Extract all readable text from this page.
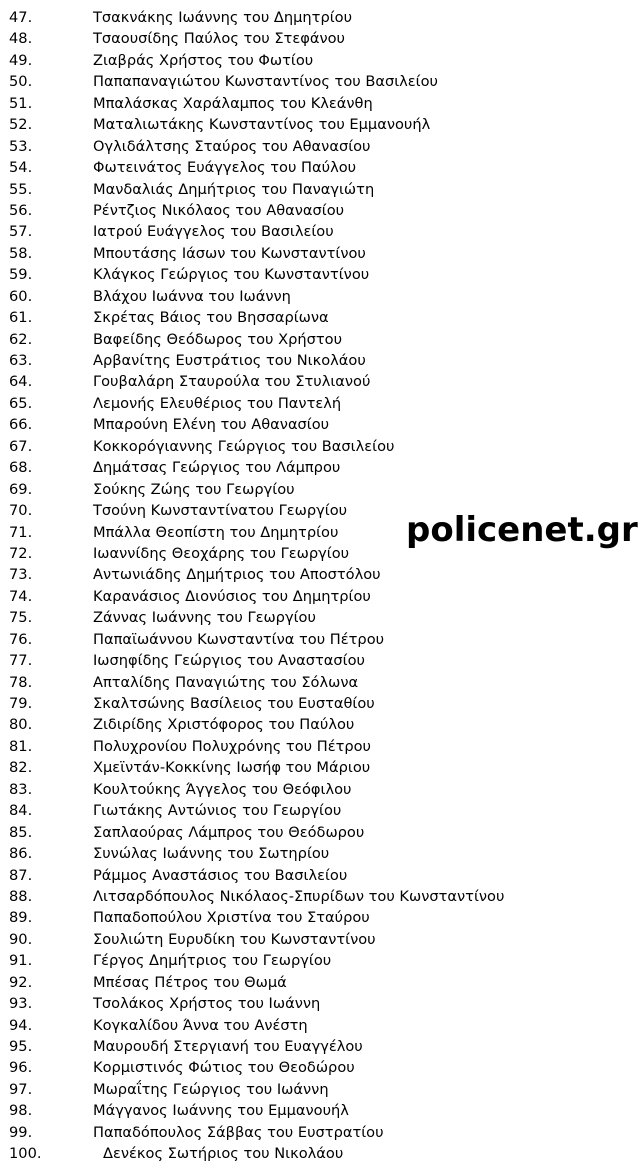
47.	Τσακνάκης Ιωάννης του Δημητρίου
48.	Τσαουσίδης Παύλος του Στεφάνου
49.	Ζιαβράς Χρήστος του Φωτίου
50.	Παπαπαναγιώτου Κωνσταντίνος του Βασιλείου
51.	Μπαλάσκας Χαράλαμπος του Κλεάνθη
52.	Ματαλιωτάκης Κωνσταντίνος του Εμμανουήλ
53.	Ογλιδάλτσης Σταύρος του Αθανασίου
54.	Φωτεινάτος Ευάγγελος του Παύλου
55.	Μανδαλιάς Δημήτριος του Παναγιώτη
56.	Ρέντζιος Νικόλαος του Αθανασίου
57.	Ιατρού Ευάγγελος του Βασιλείου
58.	Μπουτάσης Ιάσων του Κωνσταντίνου
59.	Κλάγκος Γεώργιος του Κωνσταντίνου
60.	Βλάχου Ιωάννα του Ιωάννη
61.	Σκρέτας Βάιος του Βησσαρίωνα
62.	Βαφείδης Θεόδωρος του Χρήστου
63.	Αρβανίτης Ευστράτιος του Νικολάου
64.	Γουβαλάρη Σταυρούλα του Στυλιανού
65.	Λεμονής Ελευθέριος του Παντελή
66.	Μπαρούνη Ελένη του Αθανασίου
67.	Κοκκορόγιαννης Γεώργιος του Βασιλείου
68.	Δημάτσας Γεώργιος του Λάμπρου
69.	Σούκης Ζώης του Γεωργίου
70.	Τσούνη Κωνσταντίνατου Γεωργίου
71.	Μπάλλα Θεοπίστη του Δημητρίου
72.	Ιωαννίδης Θεοχάρης του Γεωργίου
73.	Αντωνιάδης Δημήτριος του Αποστόλου
74.	Καρανάσιος Διονύσιος του Δημητρίου
75.	Ζάννας Ιωάννης του Γεωργίου
76.	Παπαϊωάννου Κωνσταντίνα του Πέτρου
77.	Ιωσηφίδης Γεώργιος του Αναστασίου
78.	Απταλίδης Παναγιώτης του Σόλωνα
79.	Σκαλτσώνης Βασίλειος του Ευσταθίου
80.	Ζιδιρίδης Χριστόφορος του Παύλου
81.	Πολυχρονίου Πολυχρόνης του Πέτρου
82.	Χμεϊντάν-Κοκκίνης Ιωσήφ του Μάριου
83.	Κουλτούκης Άγγελος του Θεόφιλου
84.	Γιωτάκης Αντώνιος του Γεωργίου
85.	Σαπλαούρας Λάμπρος του Θεόδωρου
86.	Συνώλας Ιωάννης του Σωτηρίου
87.	Ράμμος Αναστάσιος του Βασιλείου
88.	Λιτσαρδόπουλος Νικόλαος-Σπυρίδων του Κωνσταντίνου
89.	Παπαδοπούλου Χριστίνα του Σταύρου
90.	Σουλιώτη Ευρυδίκη του Κωνσταντίνου
91.	Γέργος Δημήτριος του Γεωργίου
92.	Μπέσας Πέτρος του Θωμά
93.	Τσολάκος Χρήστος του Ιωάννη
94.	Κογκαλίδου Άννα του Ανέστη
95.	Μαυρουδή Στεργιανή του Ευαγγέλου
96.	Κορμιστινός Φώτιος του Θεοδώρου
97.	Μωραΐτης Γεώργιος του Ιωάννη
98.	Μάγγανος Ιωάννης του Εμμανουήλ
99.	Παπαδόπουλος Σάββας του Ευστρατίου
100.	Δενέκος Σωτήριος του Νικολάου
policenet.gr
